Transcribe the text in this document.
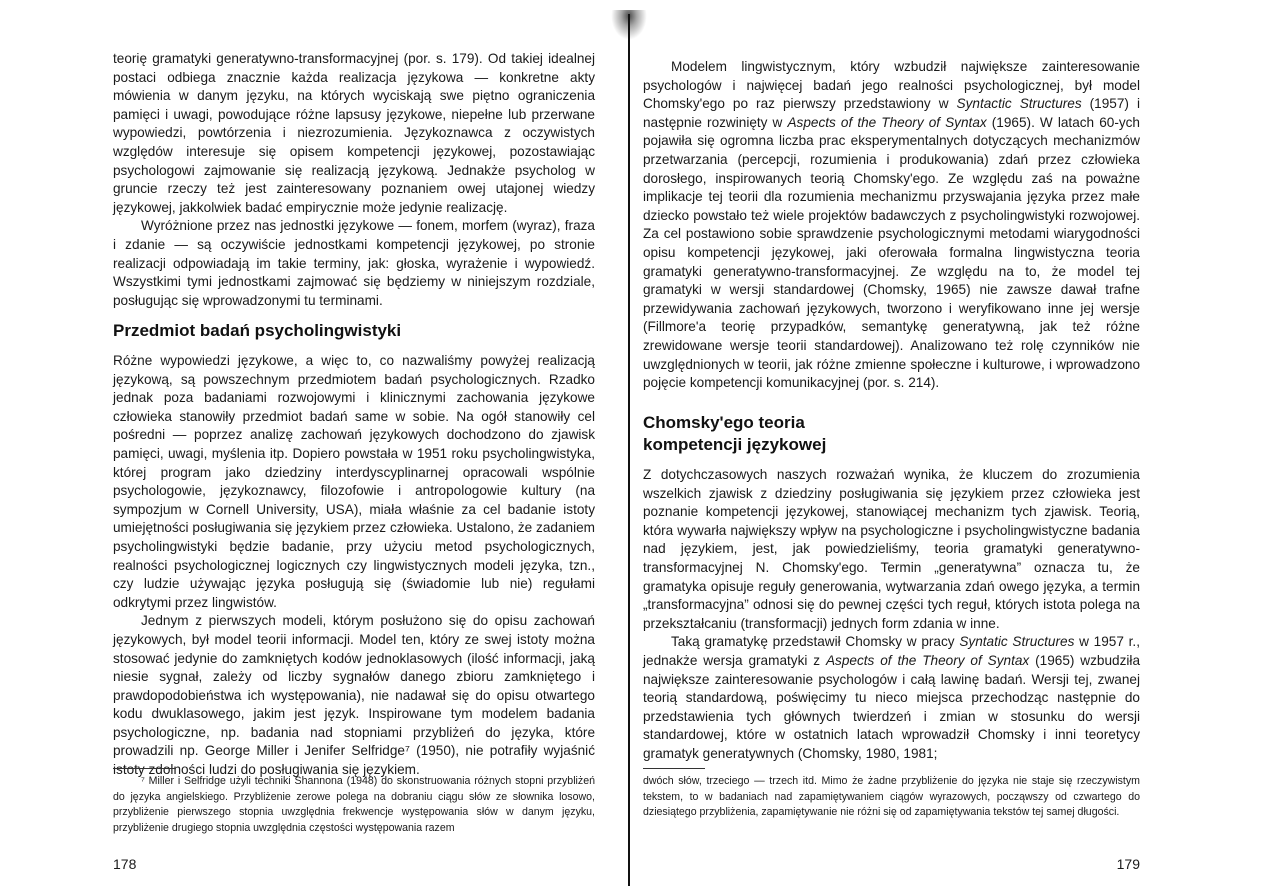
teorię gramatyki generatywno-transformacyjnej (por. s. 179). Od takiej idealnej postaci odbiega znacznie każda realizacja językowa — konkretne akty mówienia w danym języku, na których wyciskają swe piętno ograniczenia pamięci i uwagi, powodujące różne lapsusy językowe, niepełne lub przerwane wypowiedzi, powtórzenia i niezrozumienia. Językoznawca z oczywistych względów interesuje się opisem kompetencji językowej, pozostawiając psychologowi zajmowanie się realizacją językową. Jednakże psycholog w gruncie rzeczy też jest zainteresowany poznaniem owej utajonej wiedzy językowej, jakkolwiek badać empirycznie może jedynie realizację.

Wyróżnione przez nas jednostki językowe — fonem, morfem (wyraz), fraza i zdanie — są oczywiście jednostkami kompetencji językowej, po stronie realizacji odpowiadają im takie terminy, jak: głoska, wyrażenie i wypowiedź. Wszystkimi tymi jednostkami zajmować się będziemy w niniejszym rozdziale, posługując się wprowadzonymi tu terminami.

Przedmiot badań psycholingwistyki

Różne wypowiedzi językowe, a więc to, co nazwaliśmy powyżej realizacją językową, są powszechnym przedmiotem badań psychologicznych. Rzadko jednak poza badaniami rozwojowymi i klinicznymi zachowania językowe człowieka stanowiły przedmiot badań same w sobie. Na ogół stanowiły cel pośredni — poprzez analizę zachowań językowych dochodzono do zjawisk pamięci, uwagi, myślenia itp. Dopiero powstała w 1951 roku psycholingwistyka, której program jako dziedziny interdyscyplinarnej opracowali wspólnie psychologowie, językoznawcy, filozofowie i antropologowie kultury (na sympozjum w Cornell University, USA), miała właśnie za cel badanie istoty umiejętności posługiwania się językiem przez człowieka. Ustalono, że zadaniem psycholingwistyki będzie badanie, przy użyciu metod psychologicznych, realności psychologicznej logicznych czy lingwistycznych modeli języka, tzn., czy ludzie używając języka posługują się (świadomie lub nie) regułami odkrytymi przez lingwistów.

Jednym z pierwszych modeli, którym posłużono się do opisu zachowań językowych, był model teorii informacji. Model ten, który ze swej istoty można stosować jedynie do zamkniętych kodów jednoklasowych (ilość informacji, jaką niesie sygnał, zależy od liczby sygnałów danego zbioru zamkniętego i prawdopodobieństwa ich występowania), nie nadawał się do opisu otwartego kodu dwuklasowego, jakim jest język. Inspirowane tym modelem badania psychologiczne, np. badania nad stopniami przybliżeń do języka, które prowadzili np. George Miller i Jenifer Selfridge⁷ (1950), nie potrafiły wyjaśnić istoty zdolności ludzi do posługiwania się językiem.

⁷ Miller i Selfridge użyli techniki Shannona (1948) do skonstruowania różnych stopni przybliżeń do języka angielskiego. Przybliżenie zerowe polega na dobraniu ciągu słów ze słownika losowo, przybliżenie pierwszego stopnia uwzględnia frekwencje występowania słów w danym języku, przybliżenie drugiego stopnia uwzględnia częstości występowania razem

178

Modelem lingwistycznym, który wzbudził największe zainteresowanie psychologów i najwięcej badań jego realności psychologicznej, był model Chomsky'ego po raz pierwszy przedstawiony w Syntactic Structures (1957) i następnie rozwinięty w Aspects of the Theory of Syntax (1965). W latach 60-ych pojawiła się ogromna liczba prac eksperymentalnych dotyczących mechanizmów przetwarzania (percepcji, rozumienia i produkowania) zdań przez człowieka dorosłego, inspirowanych teorią Chomsky'ego. Ze względu zaś na poważne implikacje tej teorii dla rozumienia mechanizmu przyswajania języka przez małe dziecko powstało też wiele projektów badawczych z psycholingwistyki rozwojowej. Za cel postawiono sobie sprawdzenie psychologicznymi metodami wiarygodności opisu kompetencji językowej, jaki oferowała formalna lingwistyczna teoria gramatyki generatywno-transformacyjnej. Ze względu na to, że model tej gramatyki w wersji standardowej (Chomsky, 1965) nie zawsze dawał trafne przewidywania zachowań językowych, tworzono i weryfikowano inne jej wersje (Fillmore'a teorię przypadków, semantykę generatywną, jak też różne zrewidowane wersje teorii standardowej). Analizowano też rolę czynników nie uwzględnionych w teorii, jak różne zmienne społeczne i kulturowe, i wprowadzono pojęcie kompetencji komunikacyjnej (por. s. 214).

Chomsky'ego teoria
kompetencji językowej

Z dotychczasowych naszych rozważań wynika, że kluczem do zrozumienia wszelkich zjawisk z dziedziny posługiwania się językiem przez człowieka jest poznanie kompetencji językowej, stanowiącej mechanizm tych zjawisk. Teorią, która wywarła największy wpływ na psychologiczne i psycholingwistyczne badania nad językiem, jest, jak powiedzieliśmy, teoria gramatyki generatywno-transformacyjnej N. Chomsky'ego. Termin „generatywna” oznacza tu, że gramatyka opisuje reguły generowania, wytwarzania zdań owego języka, a termin „transformacyjna” odnosi się do pewnej części tych reguł, których istota polega na przekształcaniu (transformacji) jednych form zdania w inne.

Taką gramatykę przedstawił Chomsky w pracy Syntatic Structures w 1957 r., jednakże wersja gramatyki z Aspects of the Theory of Syntax (1965) wzbudziła największe zainteresowanie psychologów i całą lawinę badań. Wersji tej, zwanej teorią standardową, poświęcimy tu nieco miejsca przechodząc następnie do przedstawienia tych głównych twierdzeń i zmian w stosunku do wersji standardowej, które w ostatnich latach wprowadził Chomsky i inni teoretycy gramatyk generatywnych (Chomsky, 1980, 1981;

dwóch słów, trzeciego — trzech itd. Mimo że żadne przybliżenie do języka nie staje się rzeczywistym tekstem, to w badaniach nad zapamiętywaniem ciągów wyrazowych, począwszy od czwartego do dziesiątego przybliżenia, zapamiętywanie nie różni się od zapamiętywania tekstów tej samej długości.

179
